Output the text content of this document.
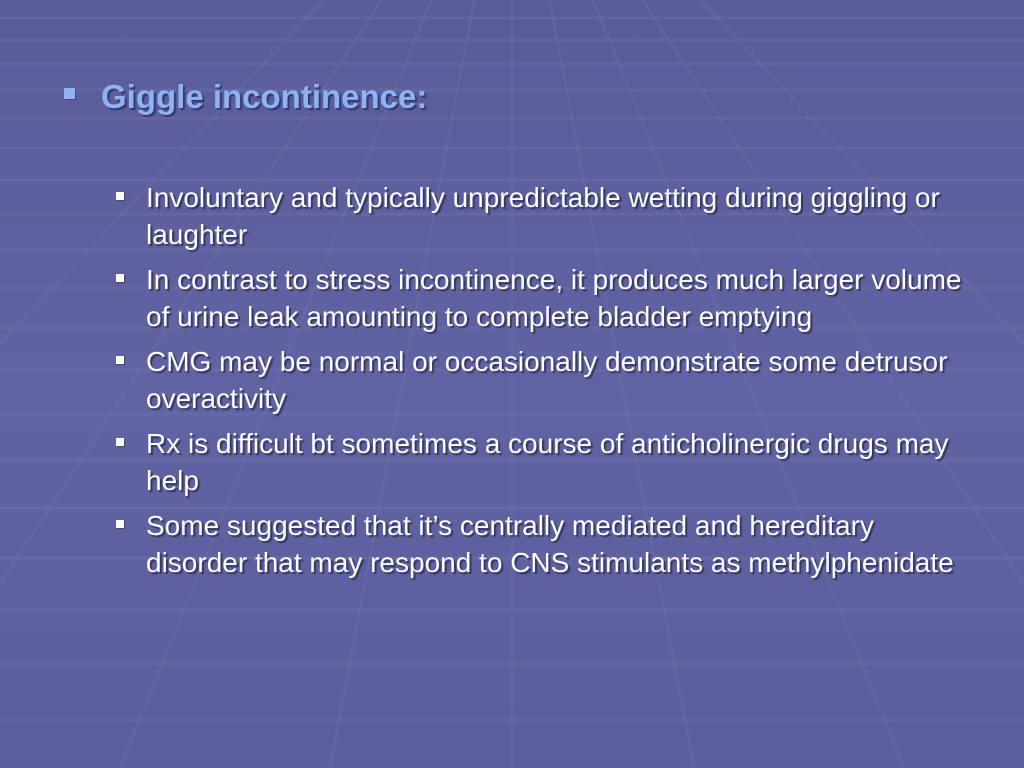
Giggle incontinence:
Involuntary and typically unpredictable wetting during giggling or laughter
In contrast to stress incontinence, it produces much larger volume of urine leak amounting to complete bladder emptying
CMG may be normal or occasionally demonstrate some detrusor overactivity
Rx is difficult bt sometimes a course of anticholinergic drugs may help
Some suggested that it’s centrally mediated and hereditary disorder that may respond to CNS stimulants as methylphenidate
